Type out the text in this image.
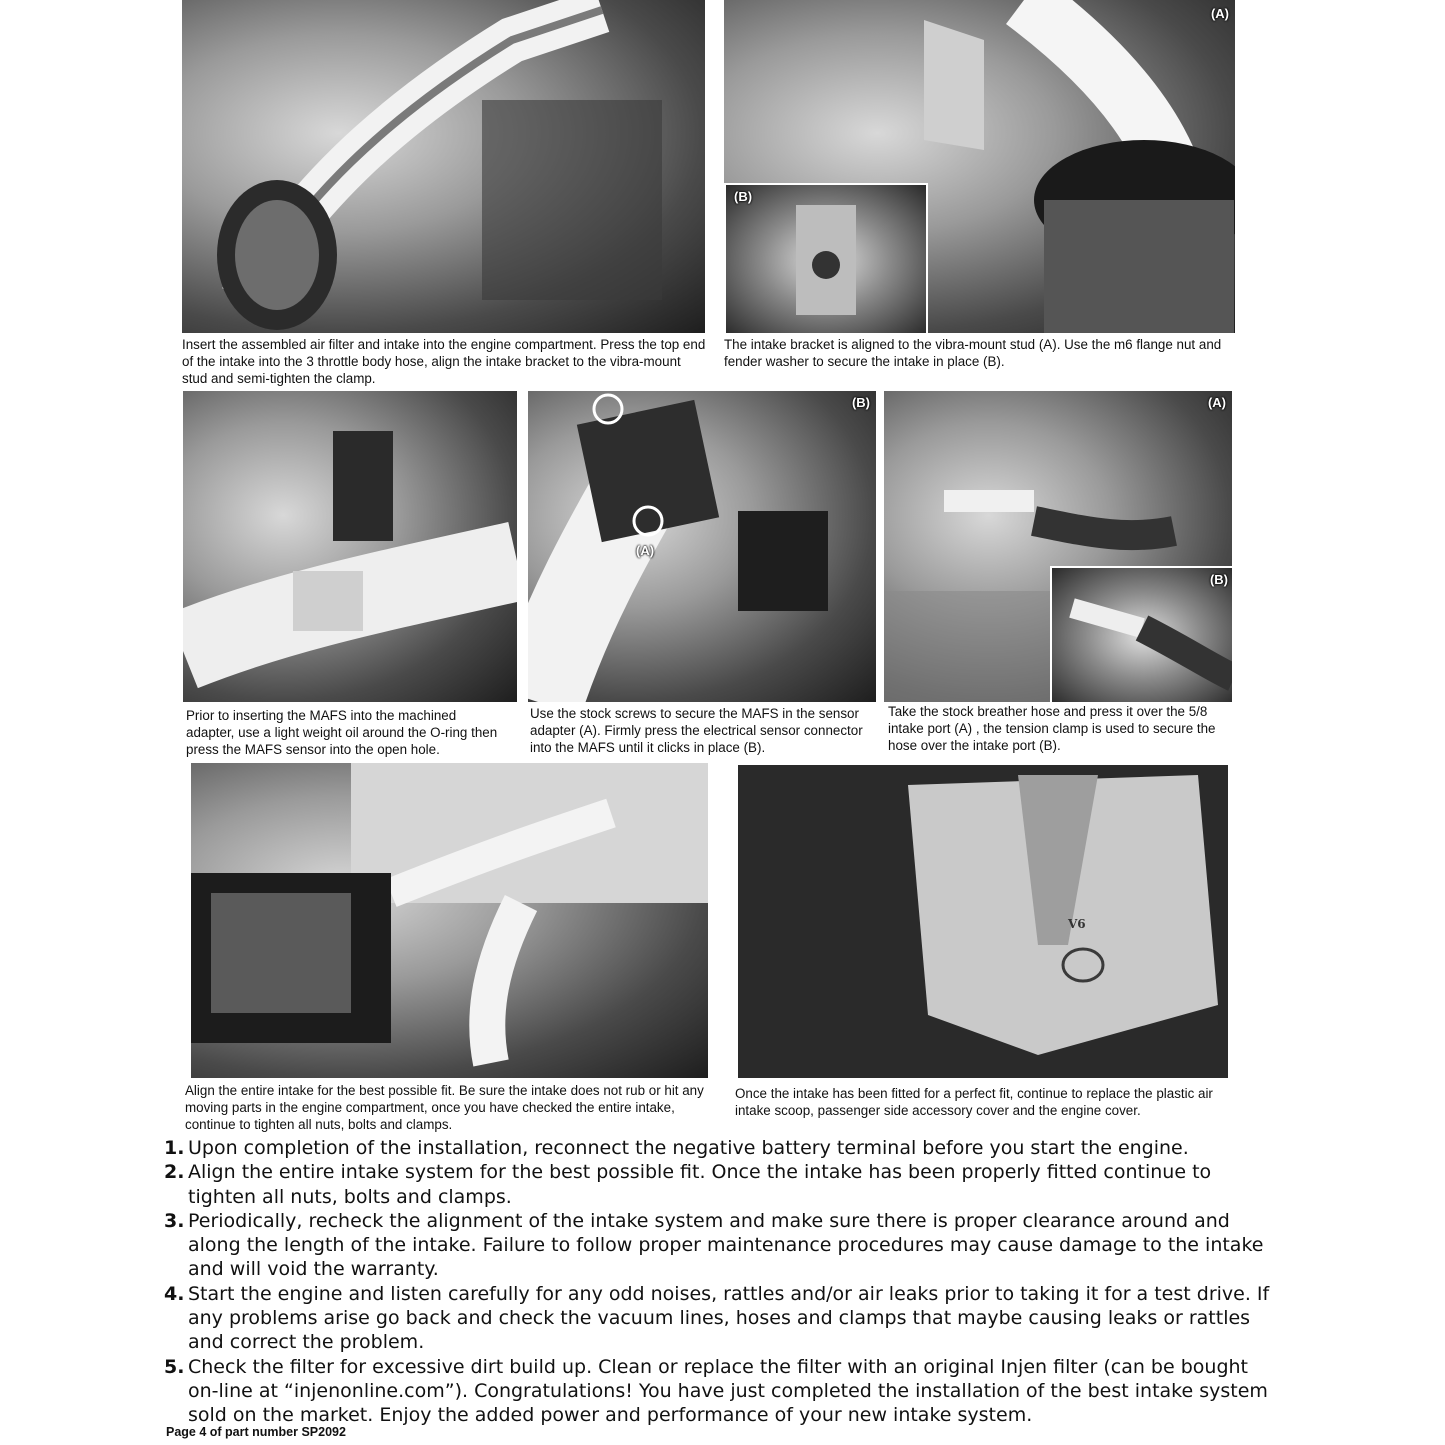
Insert the assembled air filter and intake into the engine compartment. Press the top end of the intake into the 3 throttle body hose, align the intake bracket to the vibra-mount stud and semi-tighten the clamp.

(A)
(B)

The intake bracket is aligned to the vibra-mount stud (A). Use the m6 flange nut and fender washer to secure the intake in place (B).

Prior to inserting the MAFS into the machined adapter, use a light weight oil around the O-ring then press the MAFS sensor into the open hole.

(B)
(A)

Use the stock screws to secure the MAFS in the sensor adapter (A). Firmly press the electrical sensor connector into the MAFS until it clicks in place (B).

(A)
(B)

Take the stock breather hose and press it over the 5/8 intake port (A) , the tension clamp is used to secure the hose over the intake port (B).

Align the entire intake for the best possible fit. Be sure the intake does not rub or hit any moving parts in the engine compartment, once you have checked the entire intake, continue to tighten all nuts, bolts and clamps.

V6

Once the intake has been fitted for a perfect fit, continue to replace the plastic air intake scoop, passenger side accessory cover and the engine cover.

1. Upon completion of the installation, reconnect the negative battery terminal before you start the engine.
2. Align the entire intake system for the best possible fit. Once the intake has been properly fitted continue to tighten all nuts, bolts and clamps.
3. Periodically, recheck the alignment of the intake system and make sure there is proper clearance around and along the length of the intake. Failure to follow proper maintenance procedures may cause damage to the intake and will void the warranty.
4. Start the engine and listen carefully for any odd noises, rattles and/or air leaks prior to taking it for a test drive. If any problems arise go back and check the vacuum lines, hoses and clamps that maybe causing leaks or rattles and correct the problem.
5. Check the filter for excessive dirt build up. Clean or replace the filter with an original Injen filter (can be bought on-line at “injenonline.com”). Congratulations! You have just completed the installation of the best intake system sold on the market. Enjoy the added power and performance of your new intake system.

Page 4 of part number SP2092
